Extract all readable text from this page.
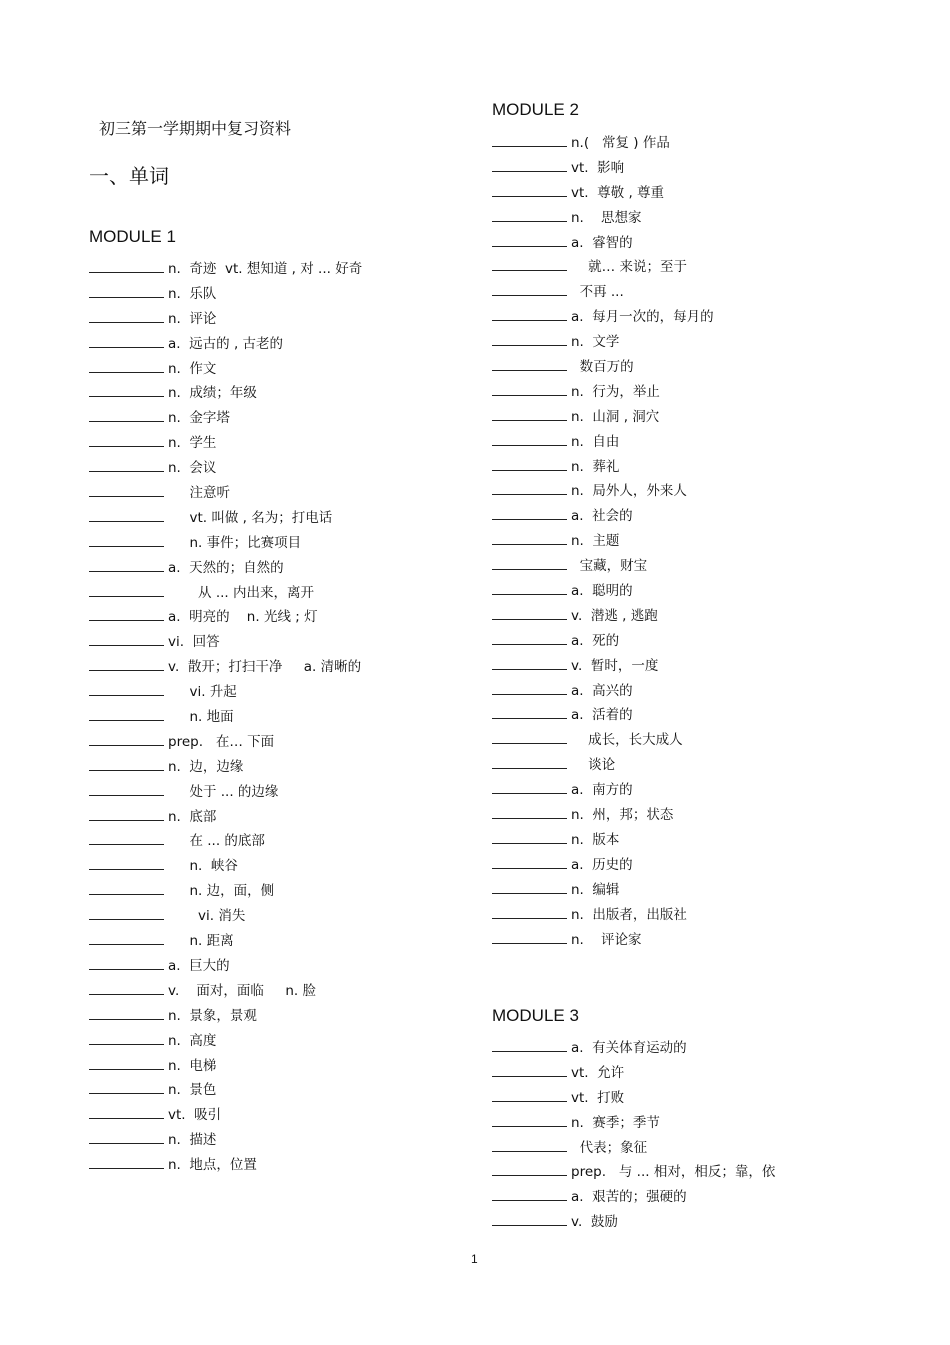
初三第一学期期中复习资料
一、单词
MODULE 1
n.  奇迹  vt. 想知道 , 对 ... 好奇
n.  乐队
n.  评论
a.  远古的 , 古老的
n.  作文
n.  成绩；年级
n.  金字塔
n.  学生
n.  会议
注意听
vt. 叫做 , 名为；打电话
n. 事件；比赛项目
a.  天然的；自然的
从 ... 内出来，离开
a.  明亮的    n. 光线 ; 灯
vi.  回答
v.  散开；打扫干净     a. 清晰的
vi. 升起
n. 地面
prep.   在… 下面
n.  边，边缘
处于 ... 的边缘
n.  底部
在 ... 的底部
n.  峡谷
n. 边，面，侧
vi. 消失
n. 距离
a.  巨大的
v.    面对，面临     n. 脸
n.  景象，景观
n.  高度
n.  电梯
n.  景色
vt.  吸引
n.  描述
n.  地点，位置
MODULE 2
n.(   常复 ) 作品
vt.  影响
vt.  尊敬 , 尊重
n.    思想家
a.  睿智的
就… 来说；至于
不再 ...
a.  每月一次的，每月的
n.  文学
数百万的
n.  行为，举止
n.  山洞 , 洞穴
n.  自由
n.  葬礼
n.  局外人，外来人
a.  社会的
n.  主题
宝藏，财宝
a.  聪明的
v.  潜逃 , 逃跑
a.  死的
v.  暂时，一度
a.  高兴的
a.  活着的
成长，长大成人
谈论
a.  南方的
n.  州，邦；状态
n.  版本
a.  历史的
n.  编辑
n.  出版者，出版社
n.    评论家
MODULE 3
a.  有关体育运动的
vt.  允许
vt.  打败
n.  赛季；季节
代表；象征
prep.   与 ... 相对，相反；靠，依
a.  艰苦的；强硬的
v.  鼓励
1
